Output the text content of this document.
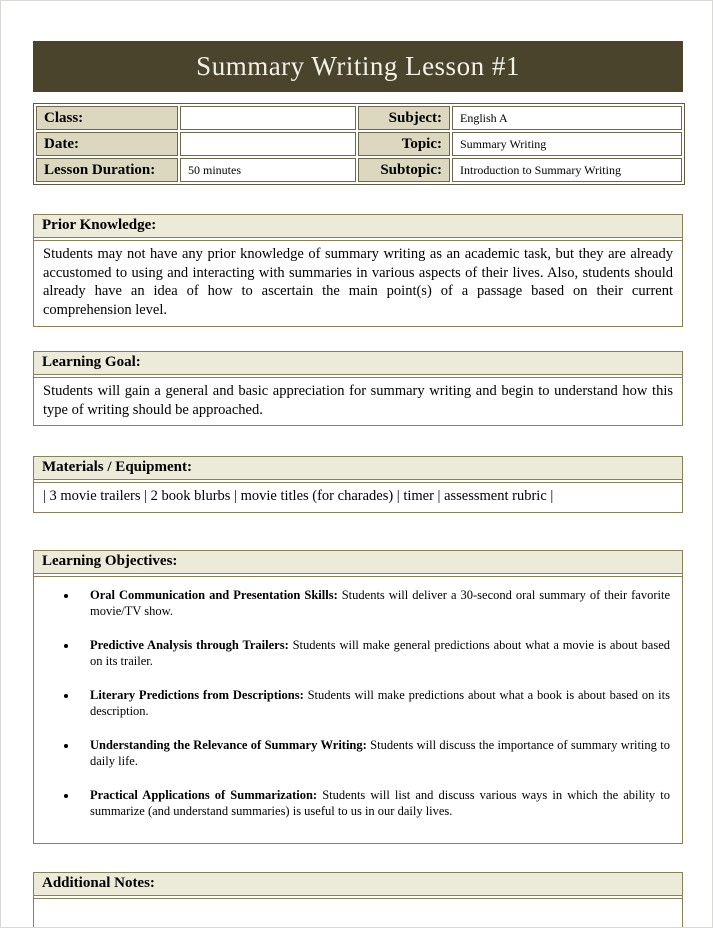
Summary Writing Lesson #1
Class:		Subject:	English A
Date:		Topic:	Summary Writing
Lesson Duration:	50 minutes	Subtopic:	Introduction to Summary Writing
Prior Knowledge:
Students may not have any prior knowledge of summary writing as an academic task, but they are already accustomed to using and interacting with summaries in various aspects of their lives. Also, students should already have an idea of how to ascertain the main point(s) of a passage based on their current comprehension level.
Learning Goal:
Students will gain a general and basic appreciation for summary writing and begin to understand how this type of writing should be approached.
Materials / Equipment:
| 3 movie trailers | 2 book blurbs | movie titles (for charades) | timer | assessment rubric |
Learning Objectives:
• Oral Communication and Presentation Skills: Students will deliver a 30-second oral summary of their favorite movie/TV show.
• Predictive Analysis through Trailers: Students will make general predictions about what a movie is about based on its trailer.
• Literary Predictions from Descriptions: Students will make predictions about what a book is about based on its description.
• Understanding the Relevance of Summary Writing: Students will discuss the importance of summary writing to daily life.
• Practical Applications of Summarization: Students will list and discuss various ways in which the ability to summarize (and understand summaries) is useful to us in our daily lives.
Additional Notes:
